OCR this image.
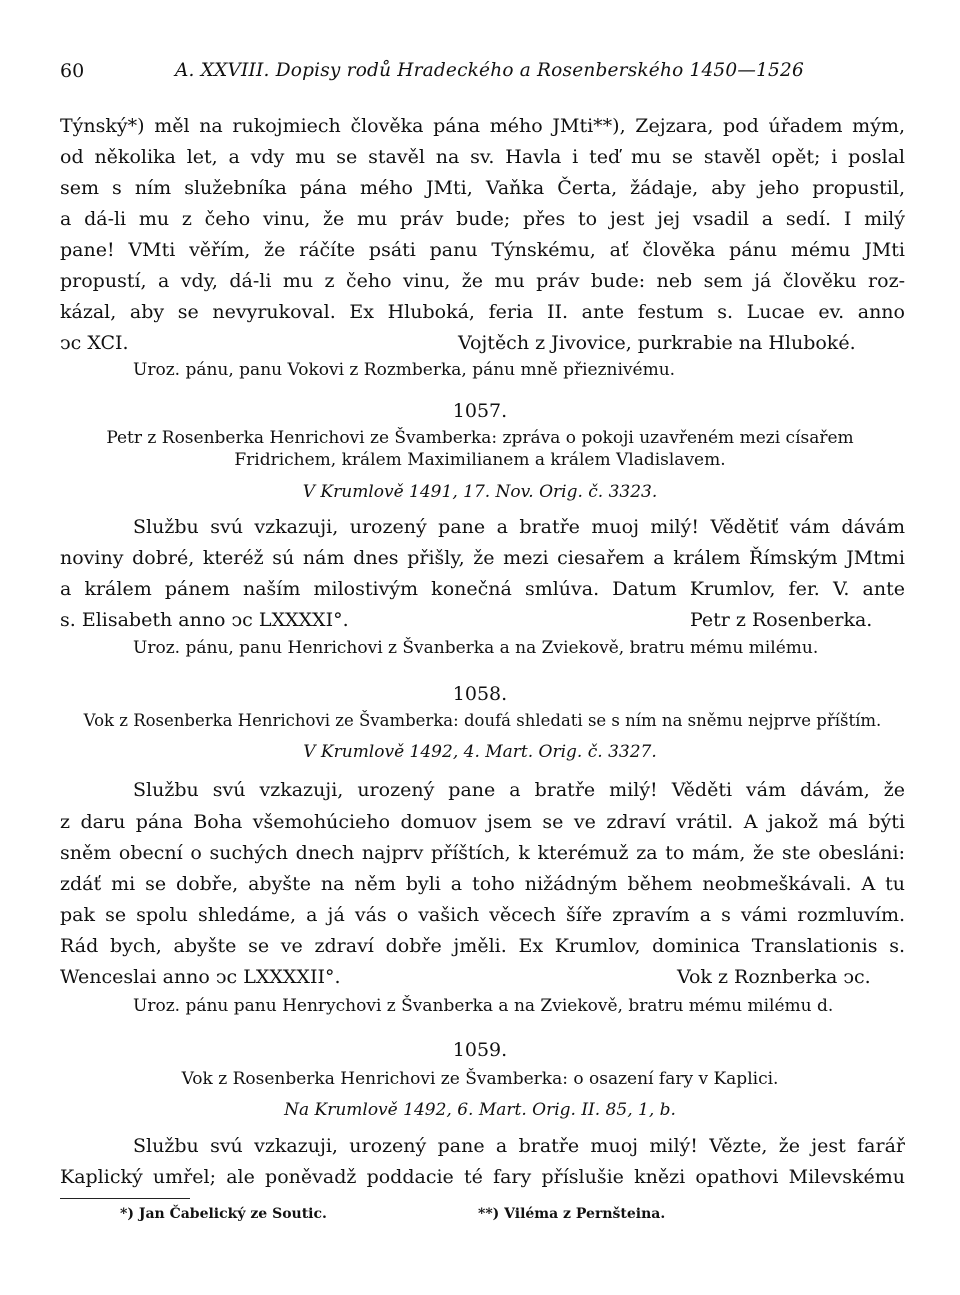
60	A. XXVIII. Dopisy rodů Hradeckého a Rosenberského 1450—1526
Týnský*) měl na rukojmiech člověka pána mého JMti**), Zejzara, pod úřadem mým,
od několika let, a vdy mu se stavěl na sv. Havla i teď mu se stavěl opět; i poslal
sem s ním služebníka pána mého JMti, Vaňka Čerta, žádaje, aby jeho propustil,
a dá-li mu z čeho vinu, že mu práv bude; přes to jest jej vsadil a sedí. I milý
pane! VMti věřím, že ráčíte psáti panu Týnskému, ať člověka pánu mému JMti
propustí, a vdy, dá-li mu z čeho vinu, že mu práv bude: neb sem já člověku roz-
kázal, aby se nevyrukoval. Ex Hluboká, feria II. ante festum s. Lucae ev. anno
ↄc XCI.	Vojtěch z Jivovice, purkrabie na Hluboké.
Uroz. pánu, panu Vokovi z Rozmberka, pánu mně přieznivému.
1057.
Petr z Rosenberka Henrichovi ze Švamberka: zpráva o pokoji uzavřeném mezi císařem
Fridrichem, králem Maximilianem a králem Vladislavem.
V Krumlově 1491, 17. Nov. Orig. č. 3323.
Službu svú vzkazuji, urozený pane a bratře muoj milý! Vědětiť vám dávám
noviny dobré, kteréž sú nám dnes přišly, že mezi ciesařem a králem Římským JMtmi
a králem pánem naším milostivým konečná smlúva. Datum Krumlov, fer. V. ante
s. Elisabeth anno ↄc LXXXXI°.	Petr z Rosenberka.
Uroz. pánu, panu Henrichovi z Švanberka a na Zviekově, bratru mému milému.
1058.
Vok z Rosenberka Henrichovi ze Švamberka: doufá shledati se s ním na sněmu nejprve příštím.
V Krumlově 1492, 4. Mart. Orig. č. 3327.
Službu svú vzkazuji, urozený pane a bratře milý! Věděti vám dávám, že
z daru pána Boha všemohúcieho domuov jsem se ve zdraví vrátil. A jakož má býti
sněm obecní o suchých dnech najprv příštích, k kterémuž za to mám, že ste obesláni:
zdáť mi se dobře, abyšte na něm byli a toho nižádným během neobmeškávali. A tu
pak se spolu shledáme, a já vás o vašich věcech šíře zpravím a s vámi rozmluvím.
Rád bych, abyšte se ve zdraví dobře jměli. Ex Krumlov, dominica Translationis s.
Wenceslai anno ↄc LXXXXII°.	Vok z Roznberka ↄc.
Uroz. pánu panu Henrychovi z Švanberka a na Zviekově, bratru mému milému d.
1059.
Vok z Rosenberka Henrichovi ze Švamberka: o osazení fary v Kaplici.
Na Krumlově 1492, 6. Mart. Orig. II. 85, 1, b.
Službu svú vzkazuji, urozený pane a bratře muoj milý! Vězte, že jest farář
Kaplický umřel; ale poněvadž poddacie té fary příslušie knězi opathovi Milevskému
*) Jan Čabelický ze Soutic.	**) Viléma z Pernšteina.
